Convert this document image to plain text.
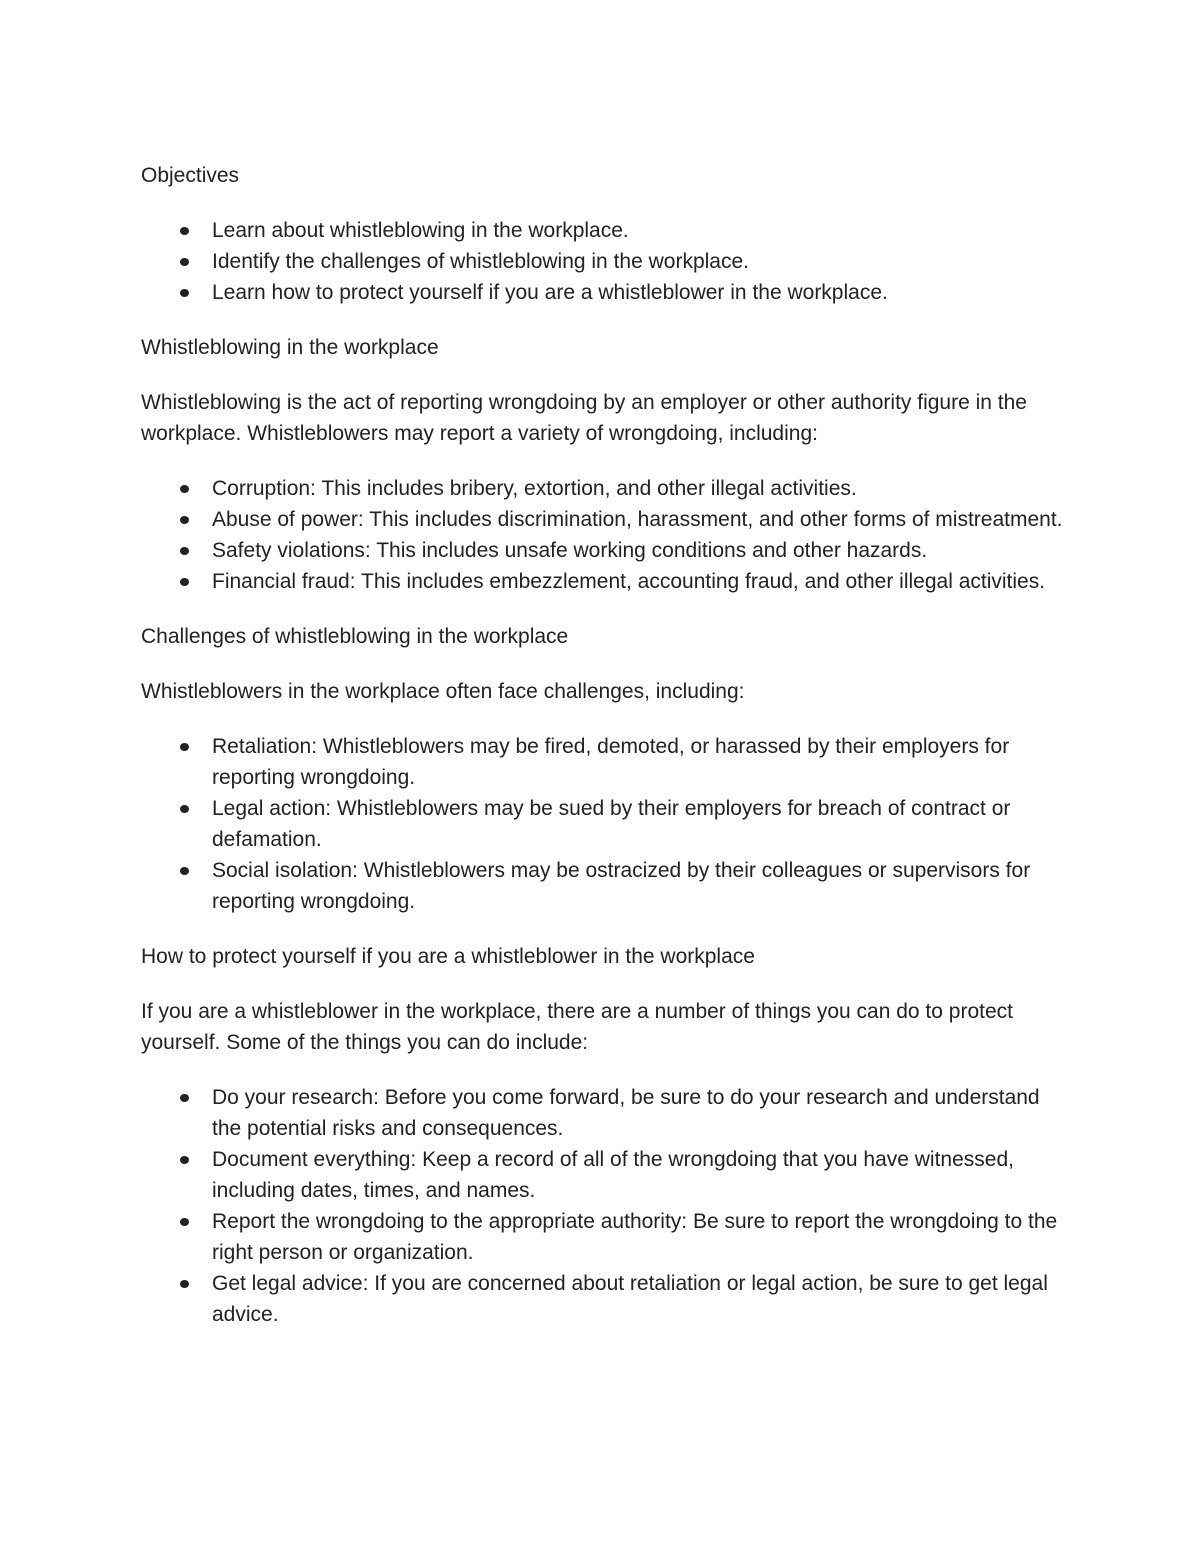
Objectives
Learn about whistleblowing in the workplace.
Identify the challenges of whistleblowing in the workplace.
Learn how to protect yourself if you are a whistleblower in the workplace.
Whistleblowing in the workplace
Whistleblowing is the act of reporting wrongdoing by an employer or other authority figure in the workplace. Whistleblowers may report a variety of wrongdoing, including:
Corruption: This includes bribery, extortion, and other illegal activities.
Abuse of power: This includes discrimination, harassment, and other forms of mistreatment.
Safety violations: This includes unsafe working conditions and other hazards.
Financial fraud: This includes embezzlement, accounting fraud, and other illegal activities.
Challenges of whistleblowing in the workplace
Whistleblowers in the workplace often face challenges, including:
Retaliation: Whistleblowers may be fired, demoted, or harassed by their employers for reporting wrongdoing.
Legal action: Whistleblowers may be sued by their employers for breach of contract or defamation.
Social isolation: Whistleblowers may be ostracized by their colleagues or supervisors for reporting wrongdoing.
How to protect yourself if you are a whistleblower in the workplace
If you are a whistleblower in the workplace, there are a number of things you can do to protect yourself. Some of the things you can do include:
Do your research: Before you come forward, be sure to do your research and understand the potential risks and consequences.
Document everything: Keep a record of all of the wrongdoing that you have witnessed, including dates, times, and names.
Report the wrongdoing to the appropriate authority: Be sure to report the wrongdoing to the right person or organization.
Get legal advice: If you are concerned about retaliation or legal action, be sure to get legal advice.
